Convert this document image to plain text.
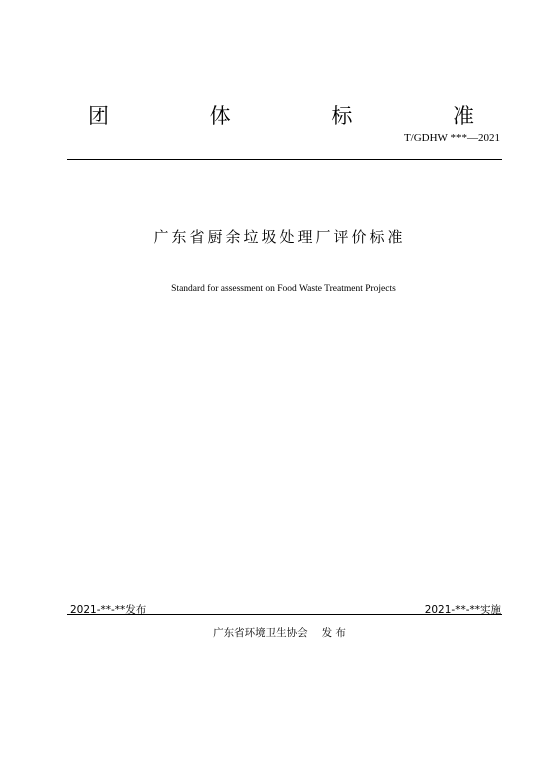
团	体	标	准
T/GDHW ***—2021
广东省厨余垃圾处理厂评价标准
Standard for assessment on Food Waste Treatment Projects
2021-**-**发布	2021-**-**实施
广东省环境卫生协会 发 布
